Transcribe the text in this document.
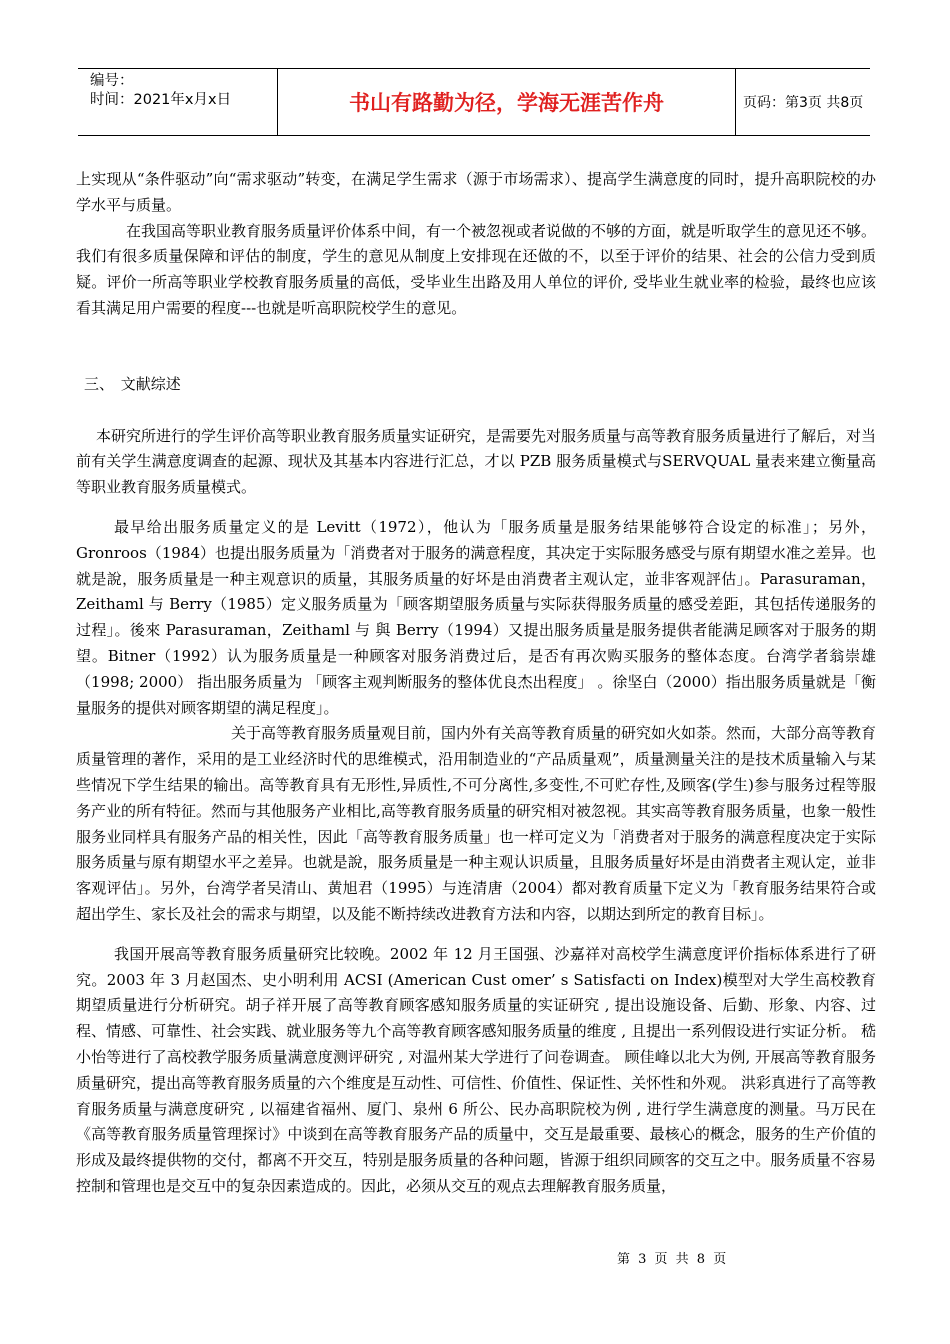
编号：
时间：2021年x月x日	书山有路勤为径，学海无涯苦作舟	页码：第3页 共8页

上实现从“条件驱动”向“需求驱动”转变，在满足学生需求（源于市场需求）、提高学生满意度的同时，提升高职院校的办学水平与质量。

在我国高等职业教育服务质量评价体系中间，有一个被忽视或者说做的不够的方面，就是听取学生的意见还不够。我们有很多质量保障和评估的制度，学生的意见从制度上安排现在还做的不，以至于评价的结果、社会的公信力受到质疑。评价一所高等职业学校教育服务质量的高低，受毕业生出路及用人单位的评价, 受毕业生就业率的检验，最终也应该看其满足用户需要的程度---也就是听高职院校学生的意见。

三、 文献综述

本研究所进行的学生评价高等职业教育服务质量实证研究，是需要先对服务质量与高等教育服务质量进行了解后，对当前有关学生满意度调查的起源、现状及其基本内容进行汇总，才以 PZB 服务质量模式与SERVQUAL 量表来建立衡量高等职业教育服务质量模式。

最早给出服务质量定义的是 Levitt（1972），他认为「服务质量是服务结果能够符合设定的标准」；另外，Gronroos（1984）也提出服务质量为「消费者对于服务的满意程度，其决定于实际服务感受与原有期望水准之差异。也就是說，服务质量是一种主观意识的质量，其服务质量的好坏是由消费者主观认定，並非客观評估」。Parasuraman，Zeithaml 与 Berry（1985）定义服务质量为「顾客期望服务质量与实际获得服务质量的感受差距，其包括传递服务的过程」。後來 Parasuraman，Zeithaml 与 與 Berry（1994）又提出服务质量是服务提供者能满足顾客对于服务的期望。Bitner（1992）认为服务质量是一种顾客对服务消费过后，是否有再次购买服务的整体态度。台湾学者翁崇雄 （1998; 2000） 指出服务质量为 「顾客主观判断服务的整体优良杰出程度」 。徐坚白（2000）指出服务质量就是「衡量服务的提供对顾客期望的满足程度」。

关于高等教育服务质量观目前，国内外有关高等教育质量的研究如火如荼。然而，大部分高等教育质量管理的著作，采用的是工业经济时代的思维模式，沿用制造业的“产品质量观”，质量测量关注的是技术质量输入与某些情况下学生结果的输出。高等教育具有无形性,异质性,不可分离性,多变性,不可贮存性,及顾客(学生)参与服务过程等服务产业的所有特征。然而与其他服务产业相比,高等教育服务质量的研究相对被忽视。其实高等教育服务质量，也象一般性服务业同样具有服务产品的相关性，因此「高等教育服务质量」也一样可定义为「消费者对于服务的满意程度决定于实际服务质量与原有期望水平之差异。也就是說，服务质量是一种主观认识质量，且服务质量好坏是由消费者主观认定，並非客观评估」。另外，台湾学者吴清山、黄旭君（1995）与连清唐（2004）都对教育质量下定义为「教育服务结果符合或超出学生、家长及社会的需求与期望，以及能不断持续改进教育方法和内容，以期达到所定的教育目标」。

我国开展高等教育服务质量研究比较晚。2002 年 12 月王国强、沙嘉祥对高校学生满意度评价指标体系进行了研究。2003 年 3 月赵国杰、史小明利用 ACSI (American Cust omer’ s Satisfacti on Index)模型对大学生高校教育期望质量进行分析研究。胡子祥开展了高等教育顾客感知服务质量的实证研究 , 提出设施设备、后勤、形象、内容、过程、情感、可靠性、社会实践、就业服务等九个高等教育顾客感知服务质量的维度 , 且提出一系列假设进行实证分析。 嵇小怡等进行了高校教学服务质量满意度测评研究 , 对温州某大学进行了问卷调查。 顾佳峰以北大为例, 开展高等教育服务质量研究，提出高等教育服务质量的六个维度是互动性、可信性、价值性、保证性、关怀性和外观。 洪彩真进行了高等教育服务质量与满意度研究 , 以福建省福州、厦门、泉州 6 所公、民办高职院校为例 , 进行学生满意度的测量。马万民在《高等教育服务质量管理探讨》中谈到在高等教育服务产品的质量中，交互是最重要、最核心的概念，服务的生产价值的形成及最终提供物的交付，都离不开交互，特别是服务质量的各种问题，皆源于组织同顾客的交互之中。服务质量不容易控制和管理也是交互中的复杂因素造成的。因此，必须从交互的观点去理解教育服务质量，

第 3 页 共 8 页
